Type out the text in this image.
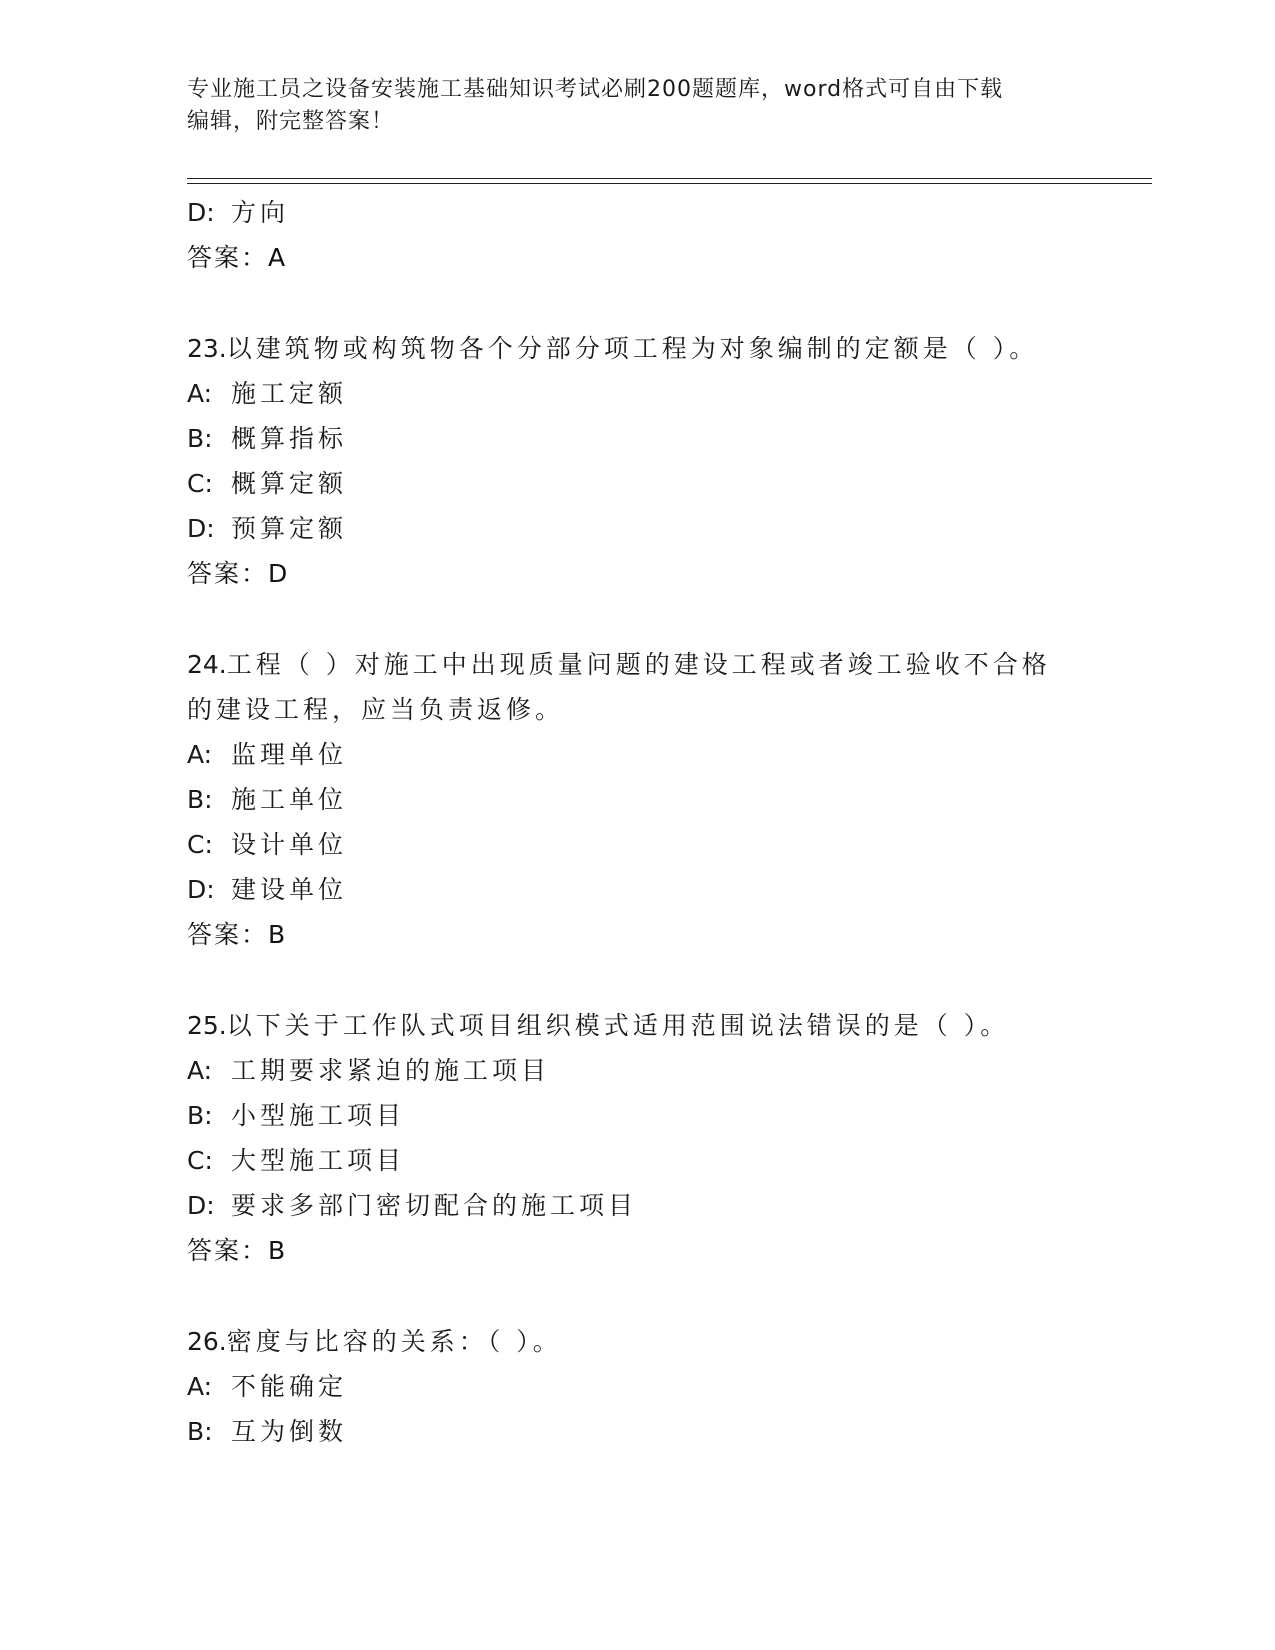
专业施工员之设备安装施工基础知识考试必刷200题题库，word格式可自由下载
编辑，附完整答案！
D: 方向
答案：A
23.以建筑物或构筑物各个分部分项工程为对象编制的定额是（ ）。
A: 施工定额
B: 概算指标
C: 概算定额
D: 预算定额
答案：D
24.工程（ ）对施工中出现质量问题的建设工程或者竣工验收不合格
的建设工程，应当负责返修。
A: 监理单位
B: 施工单位
C: 设计单位
D: 建设单位
答案：B
25.以下关于工作队式项目组织模式适用范围说法错误的是（ ）。
A: 工期要求紧迫的施工项目
B: 小型施工项目
C: 大型施工项目
D: 要求多部门密切配合的施工项目
答案：B
26.密度与比容的关系：（ ）。
A: 不能确定
B: 互为倒数
